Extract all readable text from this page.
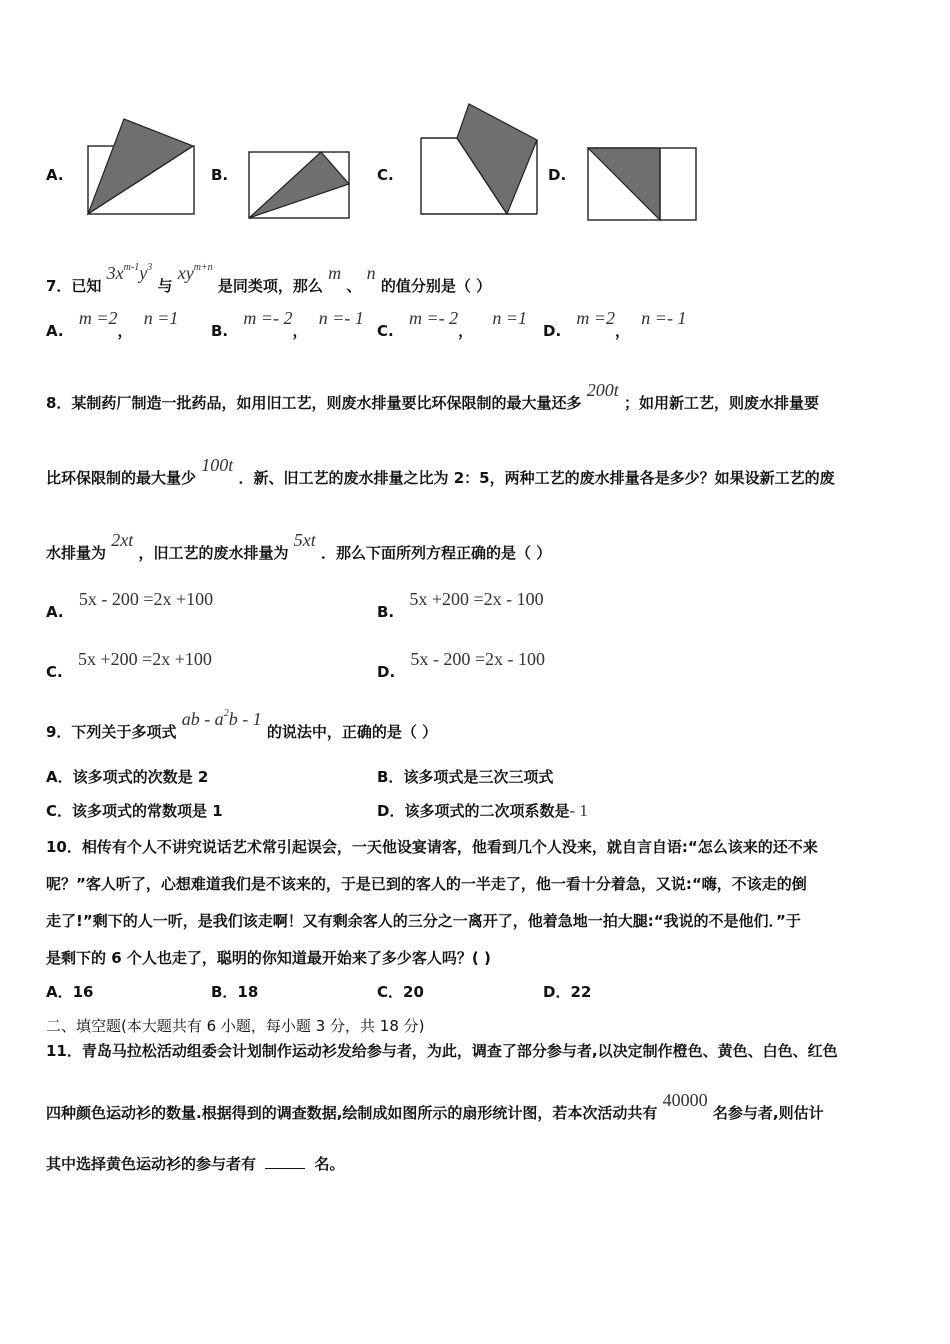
A.	B.	C.	D.
7．已知 $3x^{m-1}y^3$ 与 $xy^{m+n}$ 是同类项，那么 m 、 n 的值分别是（ ）
A. m =2， n =1
B. m =- 2， n =- 1
C. m =- 2， n =1
D. m =2， n =- 1
8．某制药厂制造一批药品，如用旧工艺，则废水排量要比环保限制的最大量还多 200t ；如用新工艺，则废水排量要
比环保限制的最大量少 100t ．新、旧工艺的废水排量之比为 2：5，两种工艺的废水排量各是多少？如果设新工艺的废
水排量为 2xt ，旧工艺的废水排量为 5xt ．那么下面所列方程正确的是（ ）
A. 5x - 200 =2x +100
B. 5x +200 =2x - 100
C. 5x +200 =2x +100
D. 5x - 200 =2x - 100
9．下列关于多项式 ab - $a^2b - 1$ 的说法中，正确的是（ ）
A．该多项式的次数是 2	B．该多项式是三次三项式
C．该多项式的常数项是 1	D．该多项式的二次项系数是- 1
10．相传有个人不讲究说话艺术常引起误会，一天他设宴请客，他看到几个人没来，就自言自语:“怎么该来的还不来
呢？”客人听了，心想难道我们是不该来的，于是已到的客人的一半走了，他一看十分着急，又说:“嗨，不该走的倒
走了!”剩下的人一听，是我们该走啊！又有剩余客人的三分之一离开了，他着急地一拍大腿:“我说的不是他们．”于
是剩下的 6 个人也走了，聪明的你知道最开始来了多少客人吗？( )
A．16	B．18	C．20	D．22
二、填空题(本大题共有 6 小题，每小题 3 分，共 18 分)
11．青岛马拉松活动组委会计划制作运动衫发给参与者，为此，调查了部分参与者,以决定制作橙色、黄色、白色、红色
四种颜色运动衫的数量.根据得到的调查数据,绘制成如图所示的扇形统计图，若本次活动共有 40000 名参与者,则估计
其中选择黄色运动衫的参与者有	名。
